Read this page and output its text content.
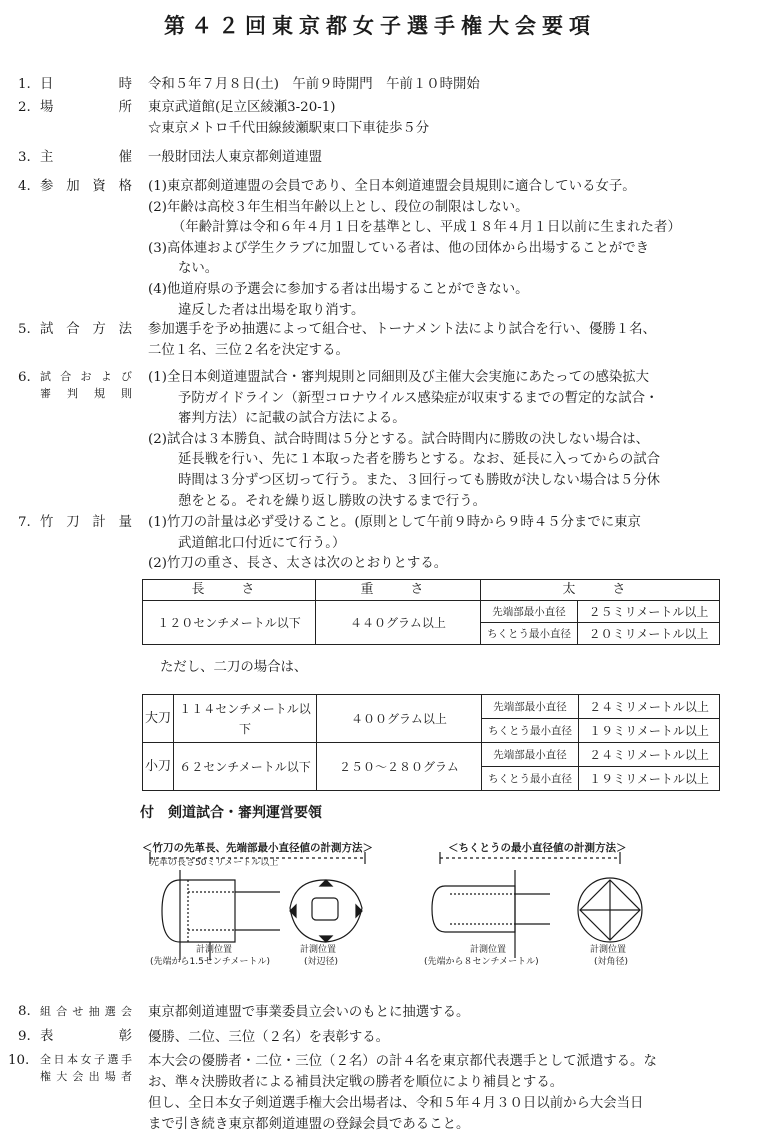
第４２回東京都女子選手権大会要項
1. 日	時 令和５年７月８日(土)　午前９時開門　午前１０時開始
2. 場	所 東京武道館(足立区綾瀬3-20-1)
☆東京メトロ千代田線綾瀬駅東口下車徒歩５分
3. 主	催 一般財団法人東京都剣道連盟
4. 参 加 資 格 (1)東京都剣道連盟の会員であり、全日本剣道連盟会員規則に適合している女子。
(2)年齢は高校３年生相当年齢以上とし、段位の制限はしない。
（年齢計算は令和６年４月１日を基準とし、平成１８年４月１日以前に生まれた者）
(3)高体連および学生クラブに加盟している者は、他の団体から出場することができ
ない。
(4)他道府県の予選会に参加する者は出場することができない。
違反した者は出場を取り消す。
5. 試 合 方 法 参加選手を予め抽選によって組合せ、トーナメント法により試合を行い、優勝１名、
二位１名、三位２名を決定する。
6. 試 合 お よ び
審 判 規 則
(1)全日本剣道連盟試合・審判規則と同細則及び主催大会実施にあたっての感染拡大
予防ガイドライン（新型コロナウイルス感染症が収束するまでの暫定的な試合・
審判方法）に記載の試合方法による。
(2)試合は３本勝負、試合時間は５分とする。試合時間内に勝敗の決しない場合は、
延長戦を行い、先に１本取った者を勝ちとする。なお、延長に入ってからの試合
時間は３分ずつ区切って行う。また、３回行っても勝敗が決しない場合は５分休
憩をとる。それを繰り返し勝敗の決するまで行う。
7. 竹 刀 計 量 (1)竹刀の計量は必ず受けること。(原則として午前９時から９時４５分までに東京
武道館北口付近にて行う。）
(2)竹刀の重さ、長さ、太さは次のとおりとする。
長　さ	重　さ	太　さ	
１２０センチメートル以下	４４０グラム以上	先端部最小直径	２５ミリメートル以上
		ちくとう最小直径	２０ミリメートル以上
ただし、二刀の場合は、
大刀	１１４センチメートル以下	４００グラム以上	先端部最小直径	２４ミリメートル以上
			ちくとう最小直径	１９ミリメートル以上
小刀	６２センチメートル以下	２５０～２８０グラム	先端部最小直径	２４ミリメートル以上
			ちくとう最小直径	１９ミリメートル以上
付　剣道試合・審判運営要領
＜竹刀の先革長、先端部最小直径値の計測方法＞	＜ちくとうの最小直径値の計測方法＞
先革の長さ50ミリメートル以上
計測位置
(先端から1.5センチメートル)
計測位置
(対辺径)
計測位置
(先端から８センチメートル)
計測位置
(対角径)
8. 組 合 せ 抽 選 会 東京都剣道連盟で事業委員立会いのもとに抽選する。
9. 表	彰 優勝、二位、三位（２名）を表彰する。
10. 全 日 本 女 子 選 手
権 大 会 出 場 者
本大会の優勝者・二位・三位（２名）の計４名を東京都代表選手として派遣する。な
お、準々決勝敗者による補員決定戦の勝者を順位により補員とする。
但し、全日本女子剣道選手権大会出場者は、令和５年４月３０日以前から大会当日
まで引き続き東京都剣道連盟の登録会員であること。
